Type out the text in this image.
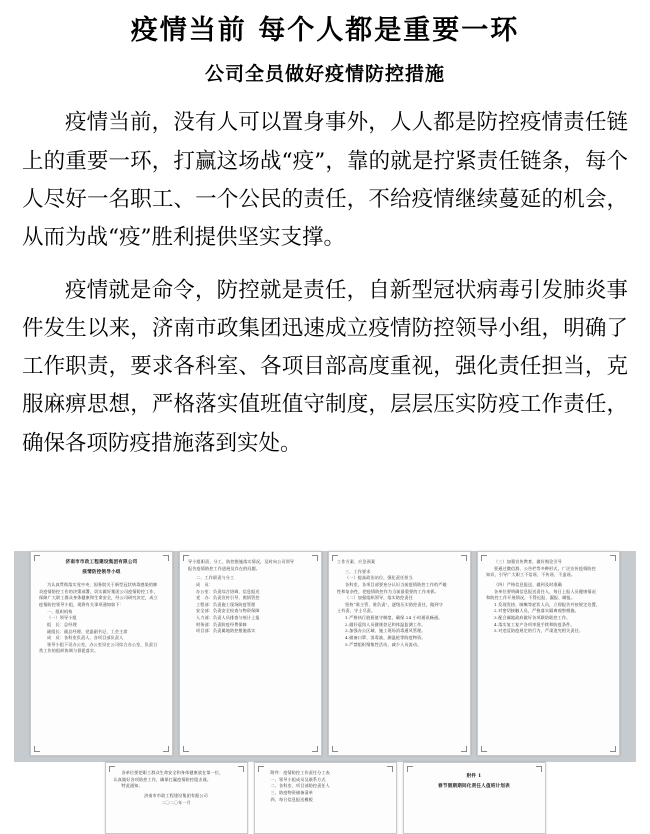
疫情当前 每个人都是重要一环
公司全员做好疫情防控措施

疫情当前，没有人可以置身事外，人人都是防控疫情责任链上的重要一环，打赢这场战“疫”，靠的就是拧紧责任链条，每个人尽好一名职工、一个公民的责任，不给疫情继续蔓延的机会，从而为战“疫”胜利提供坚实支撑。

疫情就是命令，防控就是责任，自新型冠状病毒引发肺炎事件发生以来，济南市政集团迅速成立疫情防控领导小组，明确了工作职责，要求各科室、各项目部高度重视，强化责任担当，克服麻痹思想，严格落实值班值守制度，层层压实防疫工作责任，确保各项防疫措施落到实处。

济南市市政工程建设集团有限公司
疫情防控领导小组
为认真贯彻落实党中央、国务院关于新型冠状病毒感染的肺
炎疫情防控工作的决策部署，切实做好集团公司疫情防控工作，
保障广大职工群众身体健康和生命安全，经公司研究决定，成立
疫情防控领导小组，现将有关事项通知如下：
一、组织机构
（一）领导小组
组　长：总经理
副组长：副总经理、党委副书记、工会主席
成　员：各科室负责人、各项目部负责人
领导小组下设办公室，办公室设在公司综合办公室，负责日
常工作的组织协调与督促落实。
导小组职责、分工、防控措施落实情况，及时向公司领导
报告疫情防控工作进展及存在的问题。
二、工作职责与分工
成　员：
办公室：负责综合协调、信息报送
党　办：负责宣传引导、舆情管控
工程部：负责施工现场防疫管理
安全部：负责安全检查与物资保障
人力部：负责人员排查与统计上报
财务部：负责防疫经费保障
项目部：负责属地防控措施落实
工作方案、应急预案
三、工作要求
（一）提高政治站位，强化责任担当
各科室、各项目部要充分认识当前疫情防控工作的严峻
性和复杂性，把疫情防控作为当前最重要的工作来抓。
（二）加强组织领导，落实防控责任
坚持“谁主管、谁负责”，逐级压实防控责任，做到守
土有责、守土尽责。
1.严格执行值班值守制度，确保 24 小时通讯畅通。
2.做好返岗人员健康登记和体温监测工作。
3.加强办公区域、施工现场消毒通风管理。
4.储备口罩、消毒液、测温枪等防疫物资。
5.严禁组织聚集性活动，减少人员流动。
（三）加强宣传教育，做好舆论引导
要通过微信群、公告栏等多种形式，广泛宣传疫情防控
知识，引导广大职工不信谣、不传谣、不造谣。
（四）严格信息报送，做到及时准确
各单位要明确信息报送责任人，每日上报人员健康情况
和防控工作开展情况，不得迟报、漏报、瞒报。
1.发现发热、咳嗽等症状人员，立即报告并按规定处置。
2.对密切接触人员，严格落实隔离观察措施。
3.配合属地政府做好各项联防联控工作。
4.落实复工复产各项审批手续和防疫条件。
5.对违反防疫规定的行为，严肃追究相关责任。
各单位要把职工群众生命安全和身体健康放在第一位，
认真做好各项防控工作，确保打赢疫情防控阻击战。
特此通知。
济南市市政工程建设集团有限公司
二〇二〇年一月
附件：疫情防控工作责任分工表
一、领导小组成员及联系方式
二、各科室、项目部防控责任人
三、防疫物资储备清单
四、每日信息报送模板
附件 1
春节假期期间化责任人值班计划表
